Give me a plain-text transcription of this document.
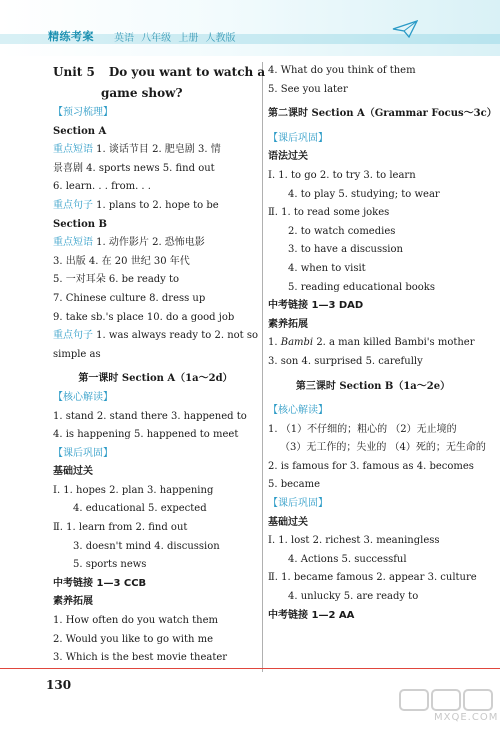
精练考案 英语 八年级 上册 人教版
Unit 5 Do you want to watch a
game show?
【预习梳理】
Section A
重点短语 1. 谈话节目 2. 肥皂剧 3. 情
景喜剧 4. sports news 5. find out
6. learn. . . from. . .
重点句子 1. plans to 2. hope to be
Section B
重点短语 1. 动作影片 2. 恐怖电影
3. 出版 4. 在 20 世纪 30 年代
5. 一对耳朵 6. be ready to
7. Chinese culture 8. dress up
9. take sb.'s place 10. do a good job
重点句子 1. was always ready to 2. not so
simple as
第一课时 Section A（1a～2d）
【核心解读】
1. stand 2. stand there 3. happened to
4. is happening 5. happened to meet
【课后巩固】
基础过关
Ⅰ. 1. hopes 2. plan 3. happening
4. educational 5. expected
Ⅱ. 1. learn from 2. find out
3. doesn't mind 4. discussion
5. sports news
中考链接 1—3 CCB
素养拓展
1. How often do you watch them
2. Would you like to go with me
3. Which is the best movie theater
4. What do you think of them
5. See you later
第二课时 Section A（Grammar Focus～3c）
【课后巩固】
语法过关
Ⅰ. 1. to go 2. to try 3. to learn
4. to play 5. studying; to wear
Ⅱ. 1. to read some jokes
2. to watch comedies
3. to have a discussion
4. when to visit
5. reading educational books
中考链接 1—3 DAD
素养拓展
1. Bambi 2. a man killed Bambi's mother
3. son 4. surprised 5. carefully
第三课时 Section B（1a～2e）
【核心解读】
1. （1）不仔细的；粗心的 （2）无止境的
（3）无工作的；失业的 （4）死的；无生命的
2. is famous for 3. famous as 4. becomes
5. became
【课后巩固】
基础过关
Ⅰ. 1. lost 2. richest 3. meaningless
4. Actions 5. successful
Ⅱ. 1. became famous 2. appear 3. culture
4. unlucky 5. are ready to
中考链接 1—2 AA
130
MXQE.COM
